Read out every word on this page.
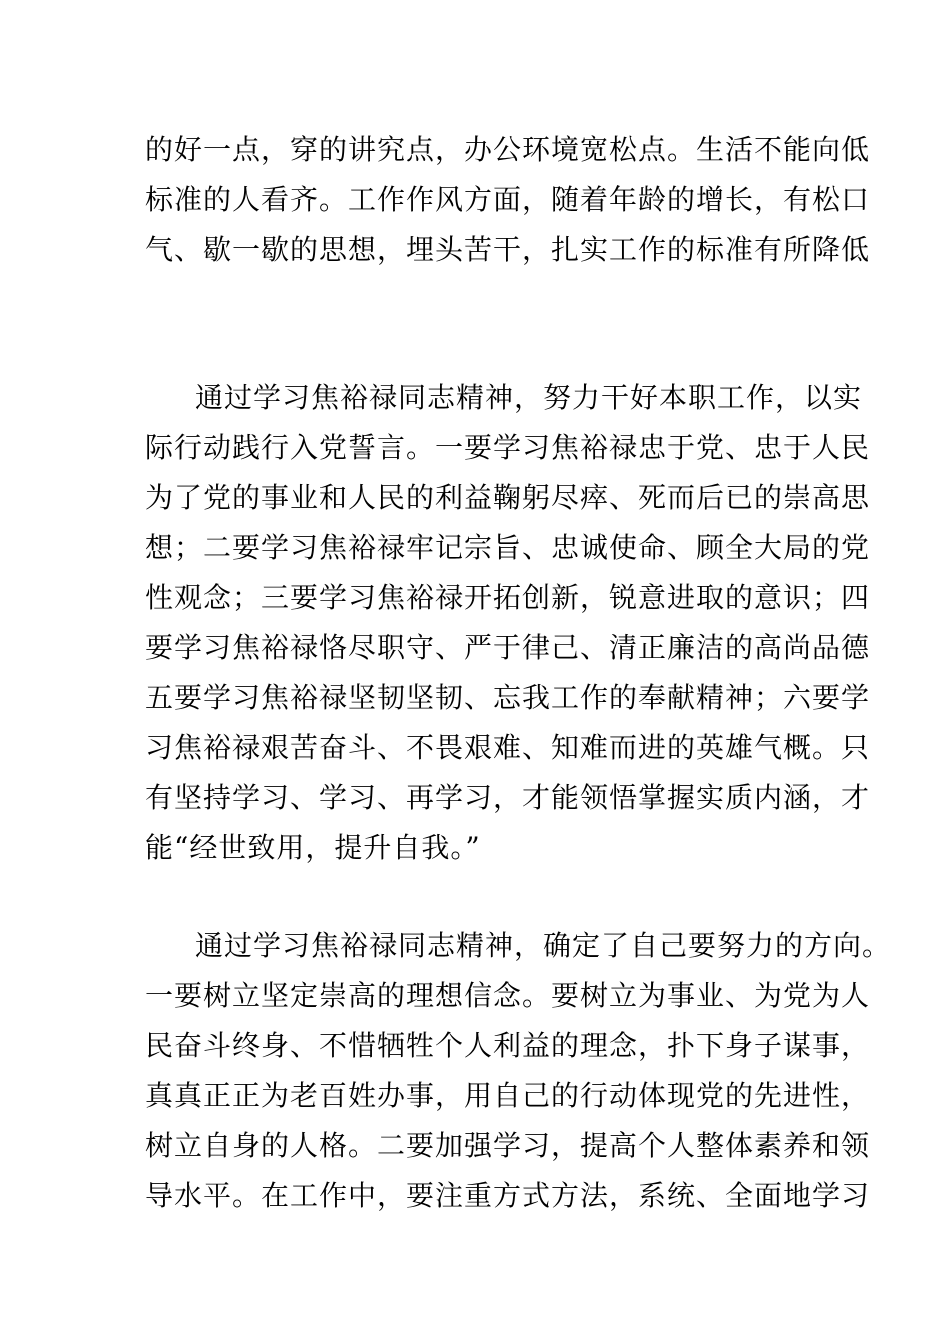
的好一点，穿的讲究点，办公环境宽松点。生活不能向低
标准的人看齐。工作作风方面，随着年龄的增长，有松口
气、歇一歇的思想，埋头苦干，扎实工作的标准有所降低
通过学习焦裕禄同志精神，努力干好本职工作，以实
际行动践行入党誓言。一要学习焦裕禄忠于党、忠于人民
为了党的事业和人民的利益鞠躬尽瘁、死而后已的崇高思
想；二要学习焦裕禄牢记宗旨、忠诚使命、顾全大局的党
性观念；三要学习焦裕禄开拓创新，锐意进取的意识；四
要学习焦裕禄恪尽职守、严于律己、清正廉洁的高尚品德
五要学习焦裕禄坚韧坚韧、忘我工作的奉献精神；六要学
习焦裕禄艰苦奋斗、不畏艰难、知难而进的英雄气概。只
有坚持学习、学习、再学习，才能领悟掌握实质内涵，才
能“经世致用，提升自我。”
通过学习焦裕禄同志精神，确定了自己要努力的方向。
一要树立坚定崇高的理想信念。要树立为事业、为党为人
民奋斗终身、不惜牺牲个人利益的理念，扑下身子谋事，
真真正正为老百姓办事，用自己的行动体现党的先进性，
树立自身的人格。二要加强学习，提高个人整体素养和领
导水平。在工作中，要注重方式方法，系统、全面地学习
